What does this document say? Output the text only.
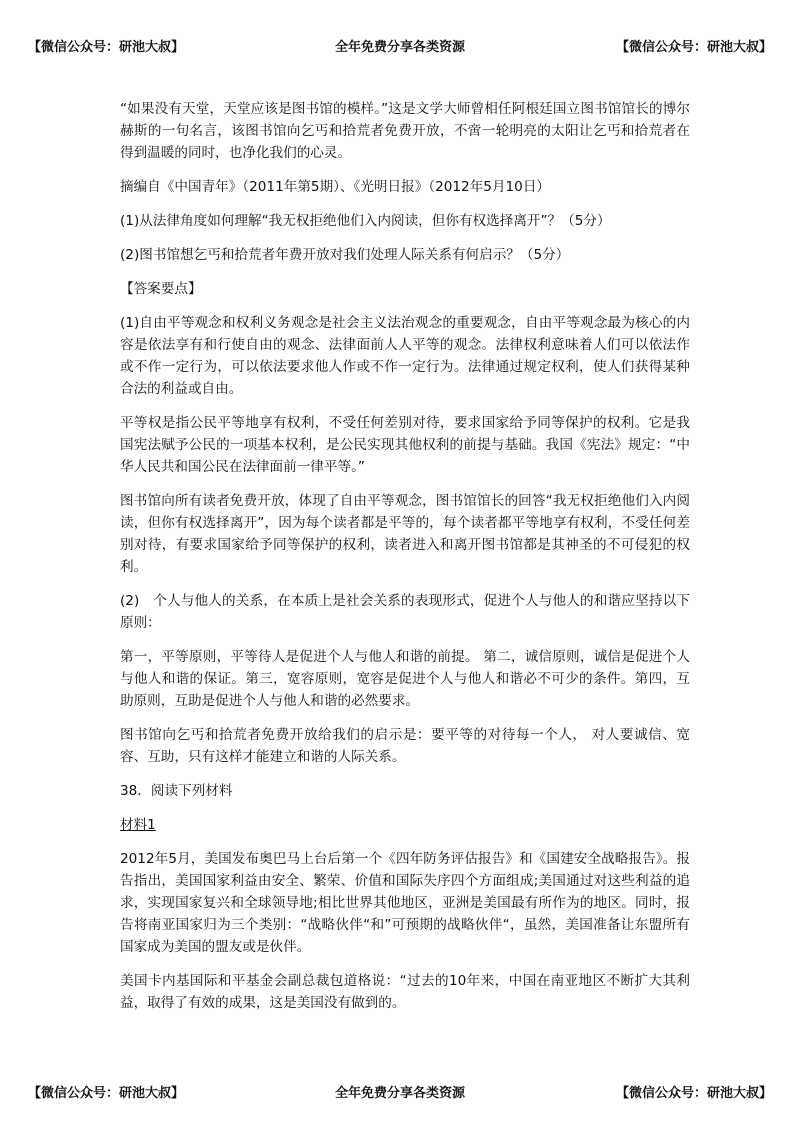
【微信公众号：研池大叔】	全年免费分享各类资源	【微信公众号：研池大叔】

“如果没有天堂，天堂应该是图书馆的模样。”这是文学大师曾相任阿根廷国立图书馆馆长的博尔赫斯的一句名言，该图书馆向乞丐和拾荒者免费开放，不啻一轮明亮的太阳让乞丐和拾荒者在得到温暖的同时，也净化我们的心灵。

摘编自《中国青年》（2011年第5期）、《光明日报》（2012年5月10日）

(1)从法律角度如何理解“我无权拒绝他们入内阅读，但你有权选择离开”？（5分）

(2)图书馆想乞丐和拾荒者年费开放对我们处理人际关系有何启示？（5分）

【答案要点】

(1)自由平等观念和权利义务观念是社会主义法治观念的重要观念，自由平等观念最为核心的内容是依法享有和行使自由的观念、法律面前人人平等的观念。法律权利意味着人们可以依法作或不作一定行为，可以依法要求他人作或不作一定行为。法律通过规定权利，使人们获得某种合法的利益或自由。

平等权是指公民平等地享有权利，不受任何差别对待，要求国家给予同等保护的权利。它是我国宪法赋予公民的一项基本权利，是公民实现其他权利的前提与基础。我国《宪法》规定：“中华人民共和国公民在法律面前一律平等。”

图书馆向所有读者免费开放，体现了自由平等观念，图书馆馆长的回答“我无权拒绝他们入内阅读，但你有权选择离开”，因为每个读者都是平等的，每个读者都平等地享有权利，不受任何差别对待，有要求国家给予同等保护的权利，读者进入和离开图书馆都是其神圣的不可侵犯的权利。

(2)　个人与他人的关系，在本质上是社会关系的表现形式，促进个人与他人的和谐应坚持以下原则：

第一，平等原则，平等待人是促进个人与他人和谐的前提。 第二，诚信原则，诚信是促进个人与他人和谐的保证。第三，宽容原则，宽容是促进个人与他人和谐必不可少的条件。第四，互助原则，互助是促进个人与他人和谐的必然要求。

图书馆向乞丐和拾荒者免费开放给我们的启示是：要平等的对待每一个人， 对人要诚信、宽容、互助，只有这样才能建立和谐的人际关系。

38．阅读下列材料

材料1

2012年5月，美国发布奥巴马上台后第一个《四年防务评估报告》和《国建安全战略报告》。报告指出，美国国家利益由安全、繁荣、价值和国际失序四个方面组成;美国通过对这些利益的追求，实现国家复兴和全球领导地;相比世界其他地区，亚洲是美国最有所作为的地区。同时，报告将南亚国家归为三个类别：“战略伙伴“和”可预期的战略伙伴“，虽然，美国准备让东盟所有国家成为美国的盟友或是伙伴。

美国卡内基国际和平基金会副总裁包道格说：“过去的10年来，中国在南亚地区不断扩大其利益，取得了有效的成果，这是美国没有做到的。

【微信公众号：研池大叔】	全年免费分享各类资源	【微信公众号：研池大叔】
